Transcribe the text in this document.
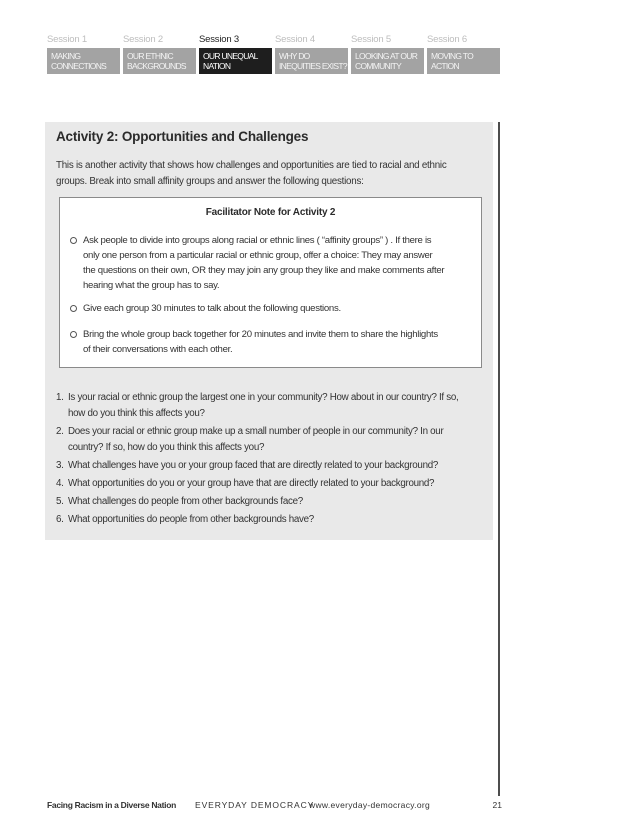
Session 1
MAKING
CONNECTIONS
Session 2
OUR ETHNIC
BACKGROUNDS
Session 3
OUR UNEQUAL
NATION
Session 4
WHY DO
INEQUITIES EXIST?
Session 5
LOOKING AT OUR
COMMUNITY
Session 6
MOVING TO
ACTION
Activity 2: Opportunities and Challenges
This is another activity that shows how challenges and opportunities are tied to racial and ethnic
groups. Break into small affinity groups and answer the following questions:
Facilitator Note for Activity 2
Ask people to divide into groups along racial or ethnic lines ( “affinity groups” ) . If there is
only one person from a particular racial or ethnic group, offer a choice: They may answer
the questions on their own, OR they may join any group they like and make comments after
hearing what the group has to say.
Give each group 30 minutes to talk about the following questions.
Bring the whole group back together for 20 minutes and invite them to share the highlights
of their conversations with each other.
1. Is your racial or ethnic group the largest one in your community? How about in our country? If so,
how do you think this affects you?
2. Does your racial or ethnic group make up a small number of people in our community? In our
country? If so, how do you think this affects you?
3. What challenges have you or your group faced that are directly related to your background?
4. What opportunities do you or your group have that are directly related to your background?
5. What challenges do people from other backgrounds face?
6. What opportunities do people from other backgrounds have?
Facing Racism in a Diverse Nation EVERYDAY DEMOCRACY
www.everyday-democracy.org	21
